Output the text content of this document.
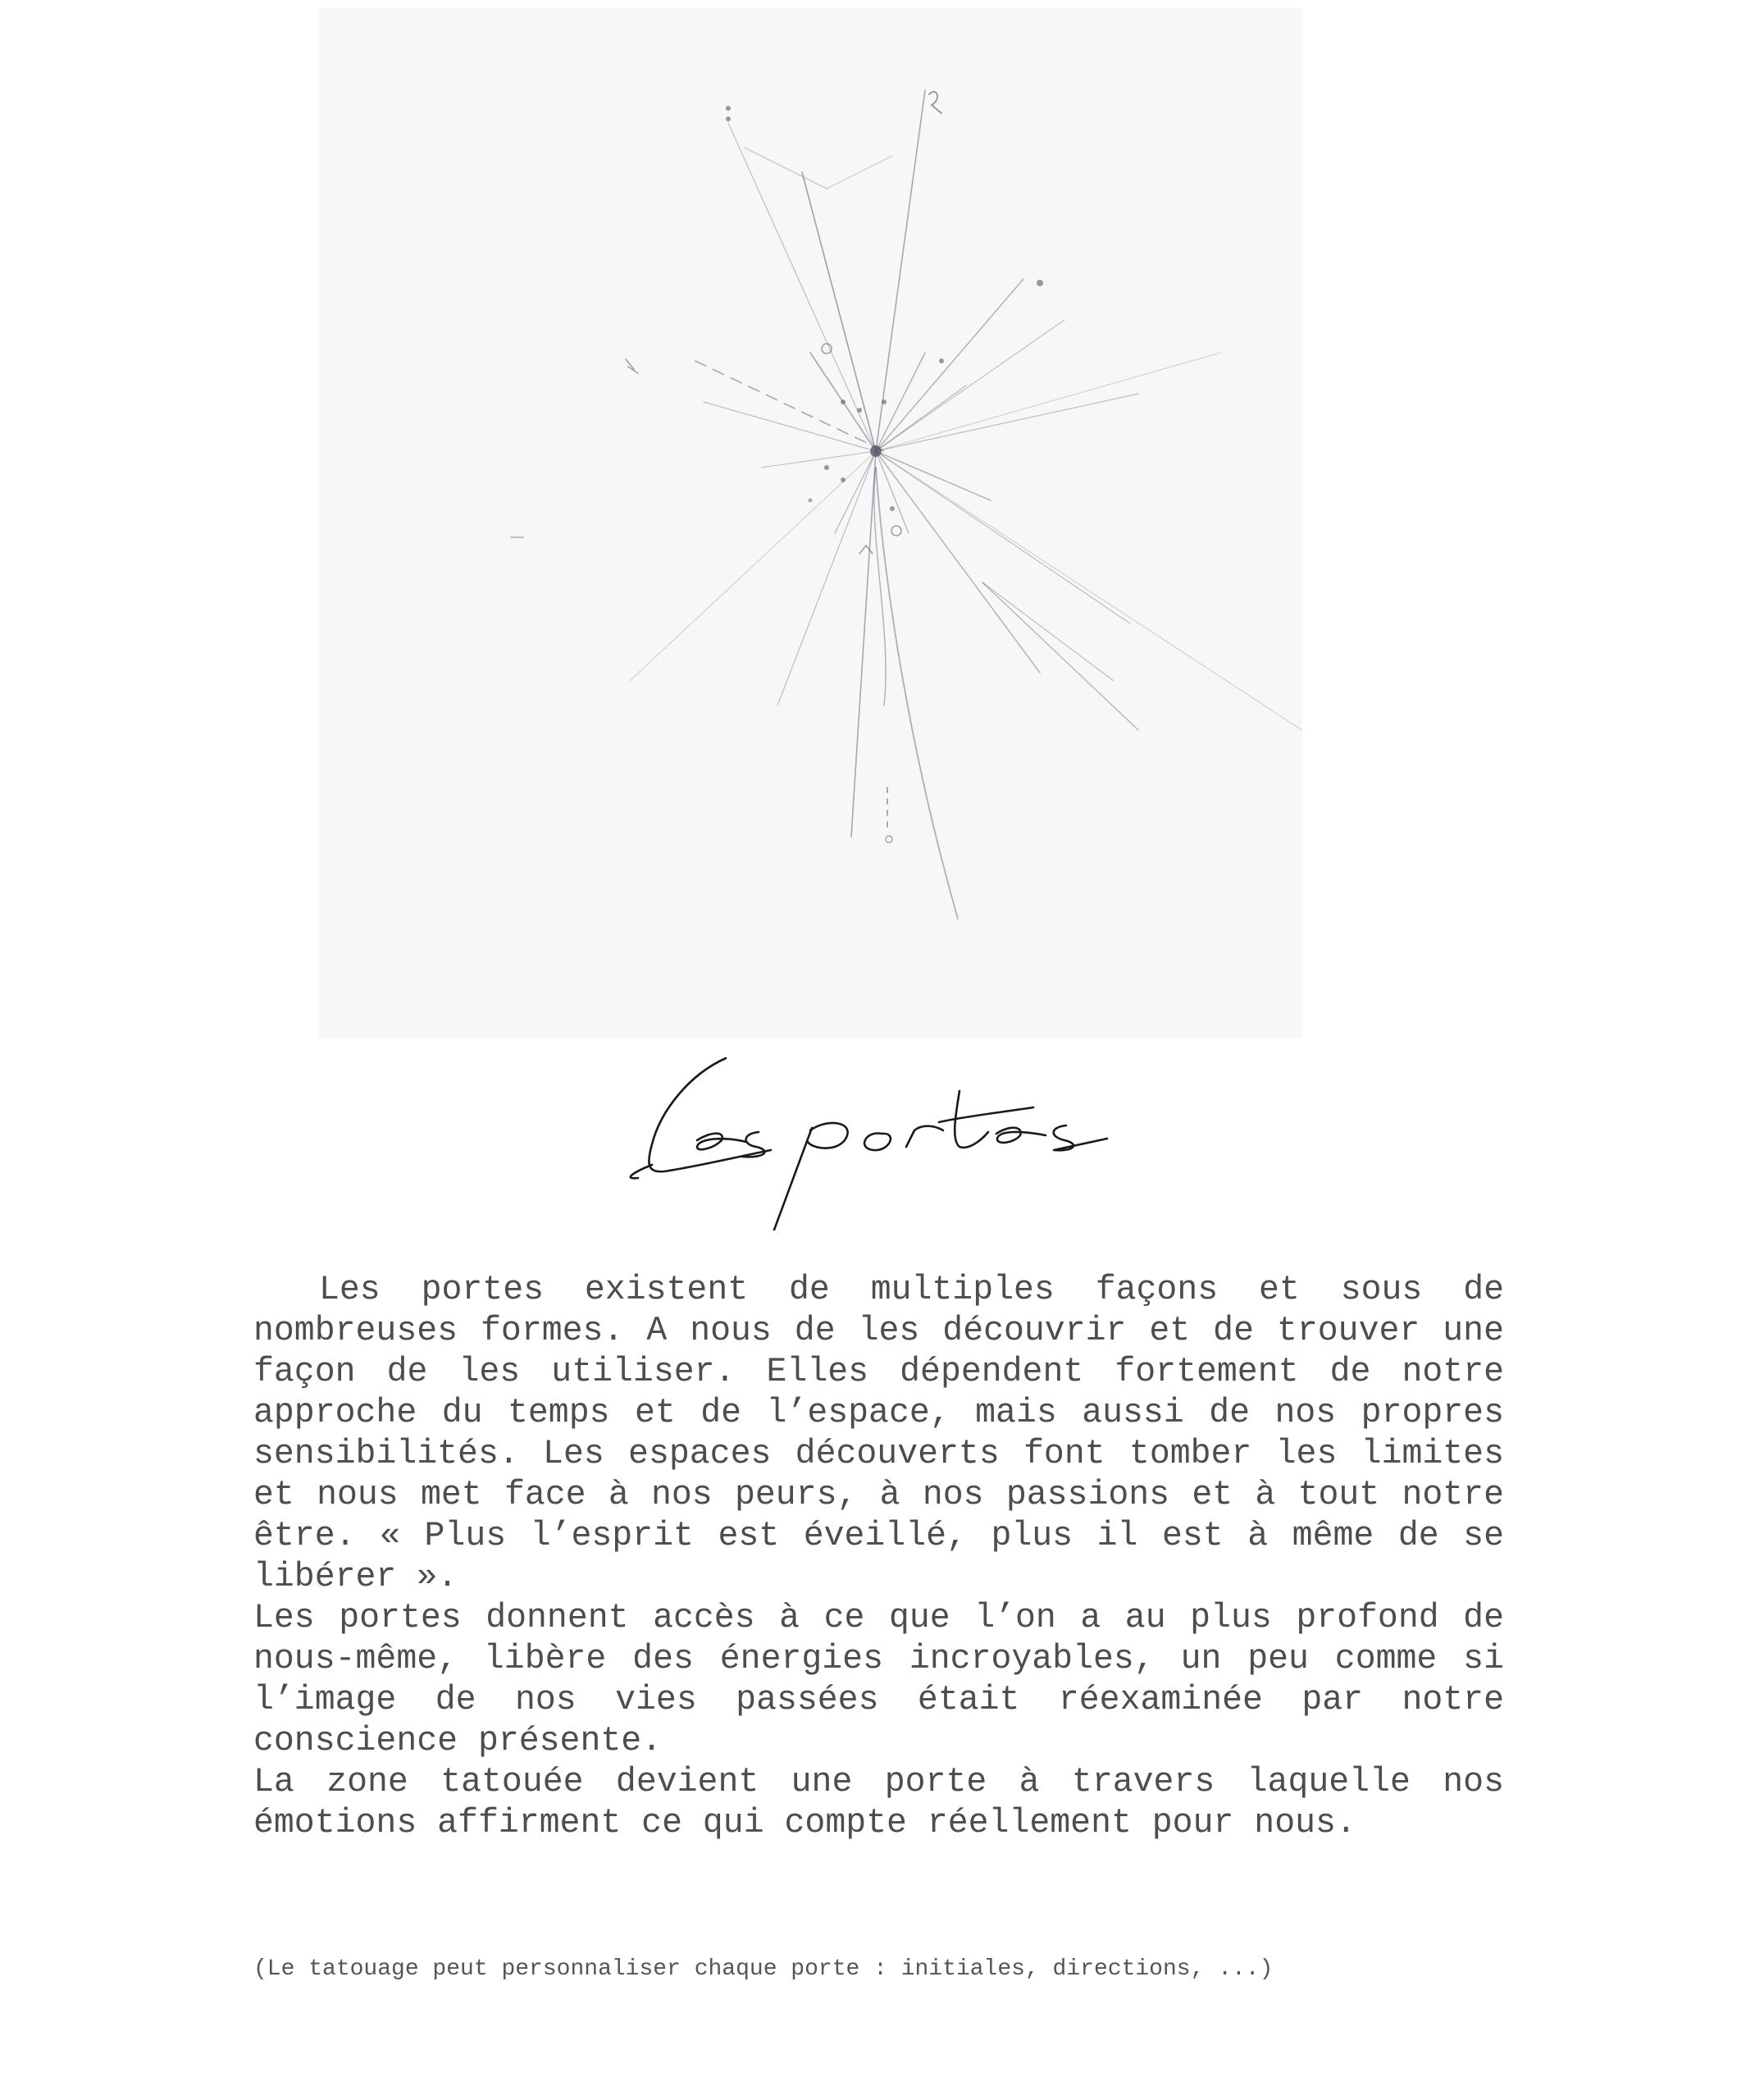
Les portes existent de multiples façons et sous de nombreuses formes. A nous de les découvrir et de trouver une façon de les utiliser. Elles dépendent fortement de notre approche du temps et de l’espace, mais aussi de nos propres sensibilités. Les espaces découverts font tomber les limites et nous met face à nos peurs, à nos passions et à tout notre être. « Plus l’esprit est éveillé, plus il est à même de se libérer ».

Les portes donnent accès à ce que l’on a au plus profond de nous-même, libère des énergies incroyables, un peu comme si l’image de nos vies passées était réexaminée par notre conscience présente.

La zone tatouée devient une porte à travers laquelle nos émotions affirment ce qui compte réellement pour nous.

(Le tatouage peut personnaliser chaque porte : initiales, directions, ...)
